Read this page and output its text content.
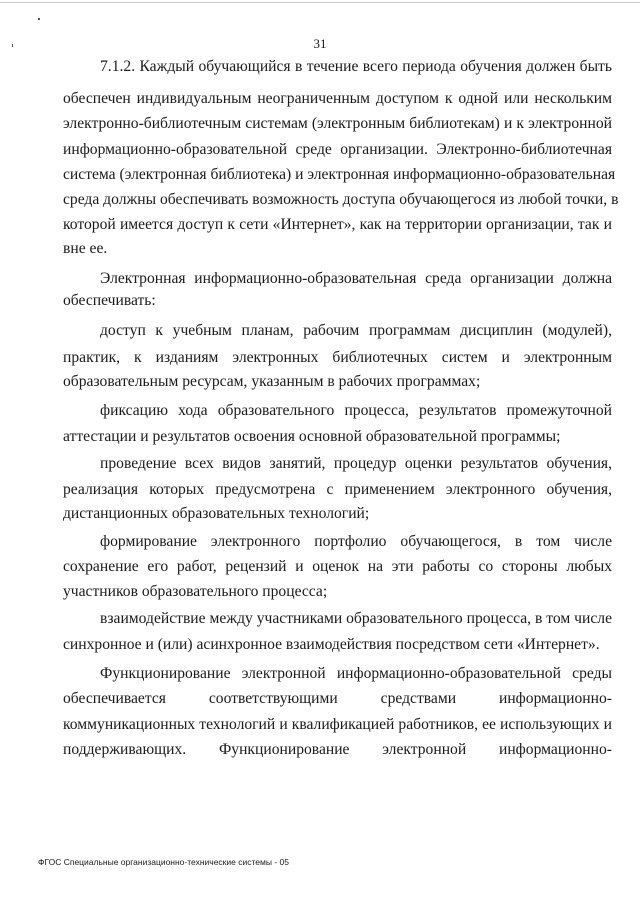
31
7.1.2. Каждый обучающийся в течение всего периода обучения должен быть
обеспечен индивидуальным неограниченным доступом к одной или нескольким
электронно-библиотечным системам (электронным библиотекам) и к электронной
информационно-образовательной среде организации. Электронно-библиотечная
система (электронная библиотека) и электронная информационно-образовательная
среда должны обеспечивать возможность доступа обучающегося из любой точки, в
которой имеется доступ к сети «Интернет», как на территории организации, так и
вне ее.
Электронная информационно-образовательная среда организации должна
обеспечивать:
доступ к учебным планам, рабочим программам дисциплин (модулей),
практик, к изданиям электронных библиотечных систем и электронным
образовательным ресурсам, указанным в рабочих программах;
фиксацию хода образовательного процесса, результатов промежуточной
аттестации и результатов освоения основной образовательной программы;
проведение всех видов занятий, процедур оценки результатов обучения,
реализация которых предусмотрена с применением электронного обучения,
дистанционных образовательных технологий;
формирование электронного портфолио обучающегося, в том числе
сохранение его работ, рецензий и оценок на эти работы со стороны любых
участников образовательного процесса;
взаимодействие между участниками образовательного процесса, в том числе
синхронное и (или) асинхронное взаимодействия посредством сети «Интернет».
Функционирование электронной информационно-образовательной среды
обеспечивается соответствующими средствами информационно-
коммуникационных технологий и квалификацией работников, ее использующих и
поддерживающих. Функционирование электронной информационно-
ФГОС Специальные организационно-технические системы - 05
